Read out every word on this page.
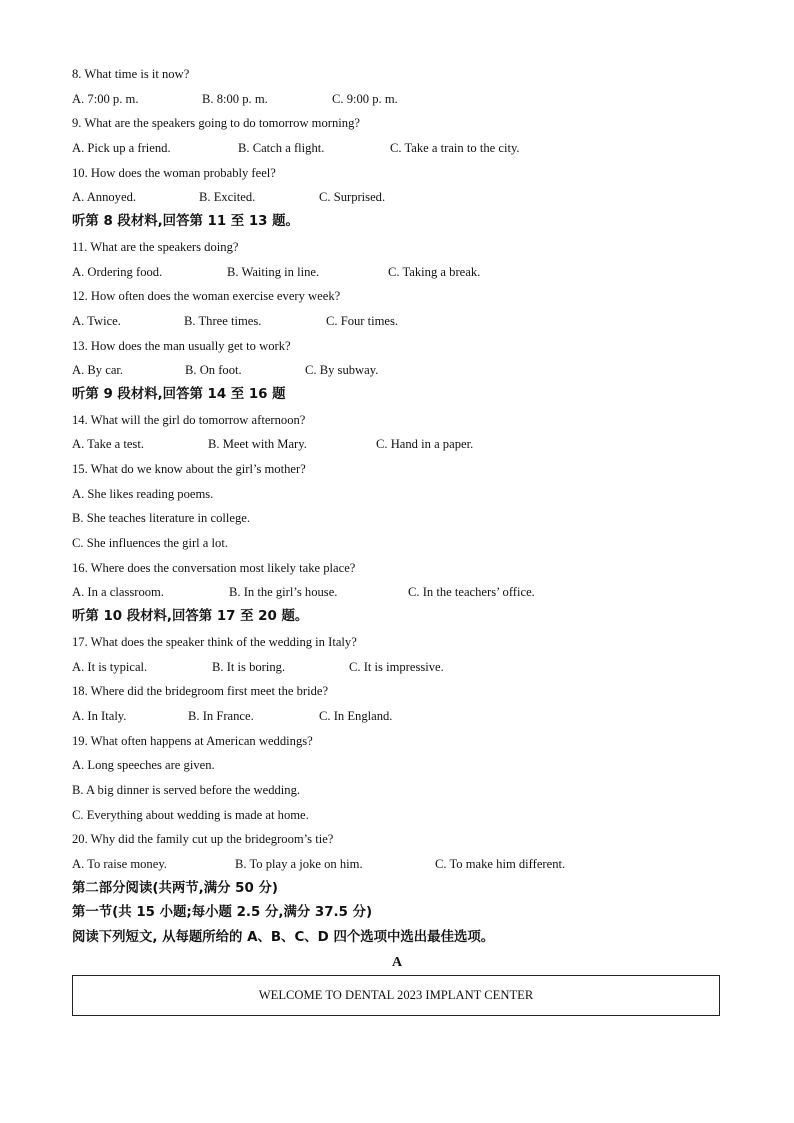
8. What time is it now?
A. 7:00 p. m.	B. 8:00 p. m.	C. 9:00 p. m.
9. What are the speakers going to do tomorrow morning?
A. Pick up a friend.	B. Catch a flight.	C. Take a train to the city.
10. How does the woman probably feel?
A. Annoyed.	B. Excited.	C. Surprised.
听第 8 段材料,回答第 11 至 13 题。
11. What are the speakers doing?
A. Ordering food.	B. Waiting in line.	C. Taking a break.
12. How often does the woman exercise every week?
A. Twice.	B. Three times.	C. Four times.
13. How does the man usually get to work?
A. By car.	B. On foot.	C. By subway.
听第 9 段材料,回答第 14 至 16 题
14. What will the girl do tomorrow afternoon?
A. Take a test.	B. Meet with Mary.	C. Hand in a paper.
15. What do we know about the girl’s mother?
A. She likes reading poems.
B. She teaches literature in college.
C. She influences the girl a lot.
16. Where does the conversation most likely take place?
A. In a classroom.	B. In the girl’s house.	C. In the teachers’ office.
听第 10 段材料,回答第 17 至 20 题。
17. What does the speaker think of the wedding in Italy?
A. It is typical.	B. It is boring.	C. It is impressive.
18. Where did the bridegroom first meet the bride?
A. In Italy.	B. In France.	C. In England.
19. What often happens at American weddings?
A. Long speeches are given.
B. A big dinner is served before the wedding.
C. Everything about wedding is made at home.
20. Why did the family cut up the bridegroom’s tie?
A. To raise money.	B. To play a joke on him.	C. To make him different.
第二部分阅读(共两节,满分 50 分)
第一节(共 15 小题;每小题 2.5 分,满分 37.5 分)
阅读下列短文, 从每题所给的 A、B、C、D 四个选项中选出最佳选项。
A
WELCOME TO DENTAL 2023 IMPLANT CENTER
